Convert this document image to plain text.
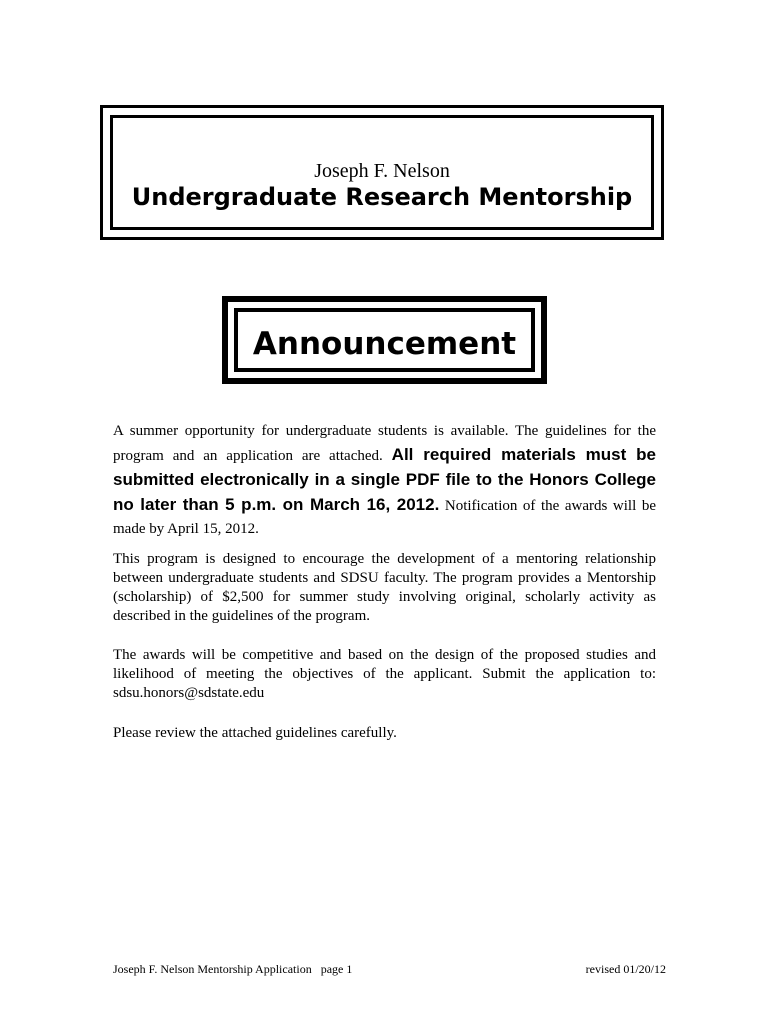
Joseph F. Nelson
Undergraduate Research Mentorship
Announcement

A summer opportunity for undergraduate students is available. The guidelines for the program and an application are attached. All required materials must be submitted electronically in a single PDF file to the Honors College no later than 5 p.m. on March 16, 2012. Notification of the awards will be made by April 15, 2012.

This program is designed to encourage the development of a mentoring relationship between undergraduate students and SDSU faculty. The program provides a Mentorship (scholarship) of $2,500 for summer study involving original, scholarly activity as described in the guidelines of the program.

The awards will be competitive and based on the design of the proposed studies and likelihood of meeting the objectives of the applicant. Submit the application to: sdsu.honors@sdstate.edu

Please review the attached guidelines carefully.

Joseph F. Nelson Mentorship Application   page 1	revised 01/20/12
